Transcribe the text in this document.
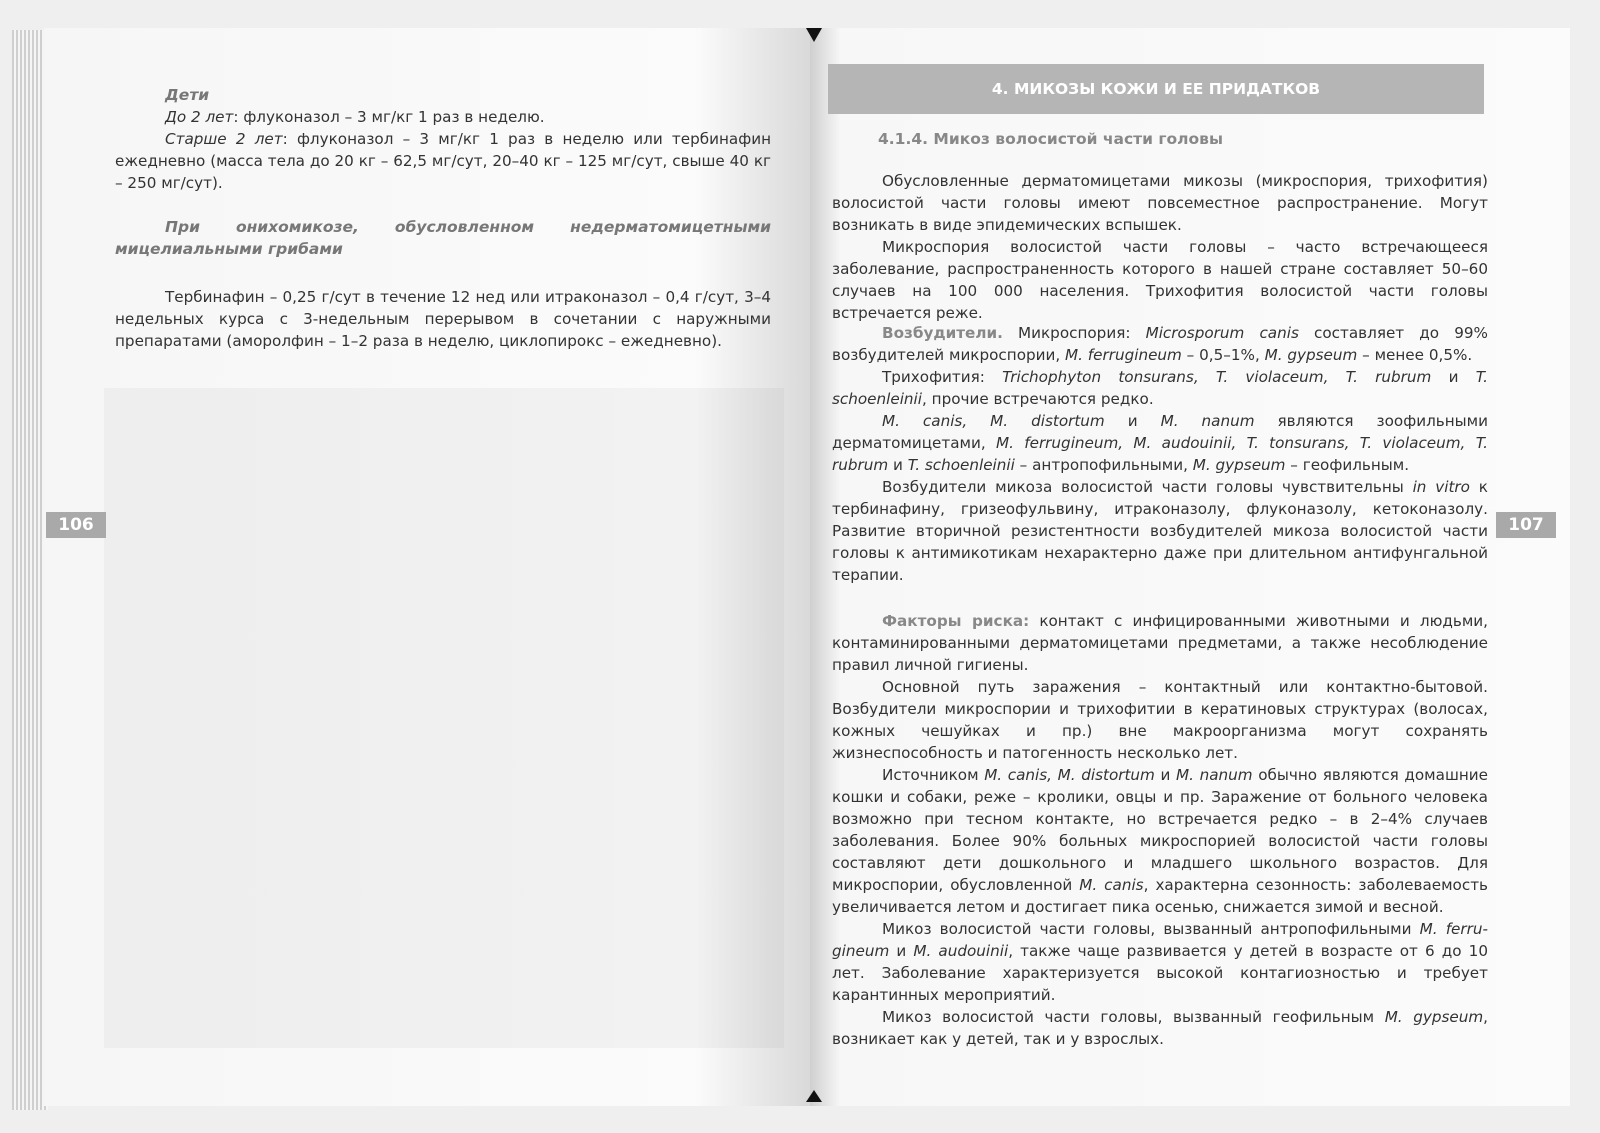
Дети

До 2 лет: флуконазол – 3 мг/кг 1 раз в неделю.

Старше 2 лет: флуконазол – 3 мг/кг 1 раз в неделю или тербинафин ежедневно (масса тела до 20 кг – 62,5 мг/сут, 20–40 кг – 125 мг/сут, свыше 40 кг – 250 мг/сут).

При онихомикозе, обусловленном недерматомицетными мицелиальными грибами

Тербинафин – 0,25 г/сут в течение 12 нед или итраконазол – 0,4 г/сут, 3–4 недельных курса с 3-недельным перерывом в сочетании с наружными препаратами (аморолфин – 1–2 раза в неделю, циклопирокс – ежедневно).

106
4. МИКОЗЫ КОЖИ И ЕЕ ПРИДАТКОВ
4.1.4. Микоз волосистой части головы

Обусловленные дерматомицетами микозы (микроспория, трихофития) волосистой части головы имеют повсеместное распространение. Могут возникать в виде эпидемических вспышек.

Микроспория волосистой части головы – часто встречающееся заболевание, распространенность которого в нашей стране составляет 50–60 случаев на 100 000 населения. Трихофития волосистой части головы встречается реже.

Возбудители. Микроспория: Microsporum canis составляет до 99% возбудителей микроспории, M. ferrugineum – 0,5–1%, M. gypseum – менее 0,5%.

Трихофития: Trichophyton tonsurans, T. violaceum, T. rubrum и T. schoenleinii, прочие встречаются редко.

M. canis, M. distortum и M. nanum являются зоофильными дерматомицетами, M. ferrugineum, M. audouinii, T. tonsurans, T. violaceum, T. rubrum и T. schoenleinii – антропофильными, M. gypseum – геофильным.

Возбудители микоза волосистой части головы чувствительны in vitro к тербинафину, гризеофульвину, итраконазолу, флуконазолу, кетоконазолу. Развитие вторичной резистентности возбудителей микоза волосистой части головы к антимикотикам нехарактерно даже при длительном антифунгальной терапии.

Факторы риска: контакт с инфицированными животными и людьми, контаминированными дерматомицетами предметами, а также несоблюдение правил личной гигиены.

Основной путь заражения – контактный или контактно-бытовой. Возбудители микроспории и трихофитии в кератиновых структурах (волосах, кожных чешуйках и пр.) вне макроорганизма могут сохранять жизнеспособность и патогенность несколько лет.

Источником M. canis, M. distortum и M. nanum обычно являются домашние кошки и собаки, реже – кролики, овцы и пр. Заражение от больного человека возможно при тесном контакте, но встречается редко – в 2–4% случаев заболевания. Более 90% больных микроспорией волосистой части головы составляют дети дошкольного и младшего школьного возрастов. Для микроспории, обусловленной M. canis, характерна сезонность: заболеваемость увеличивается летом и достигает пика осенью, снижается зимой и весной.

Микоз волосистой части головы, вызванный антропофильными M. ferru-gineum и M. audouinii, также чаще развивается у детей в возрасте от 6 до 10 лет. Заболевание характеризуется высокой контагиозностью и требует карантинных мероприятий.

Микоз волосистой части головы, вызванный геофильным M. gypseum, возникает как у детей, так и у взрослых.

107
